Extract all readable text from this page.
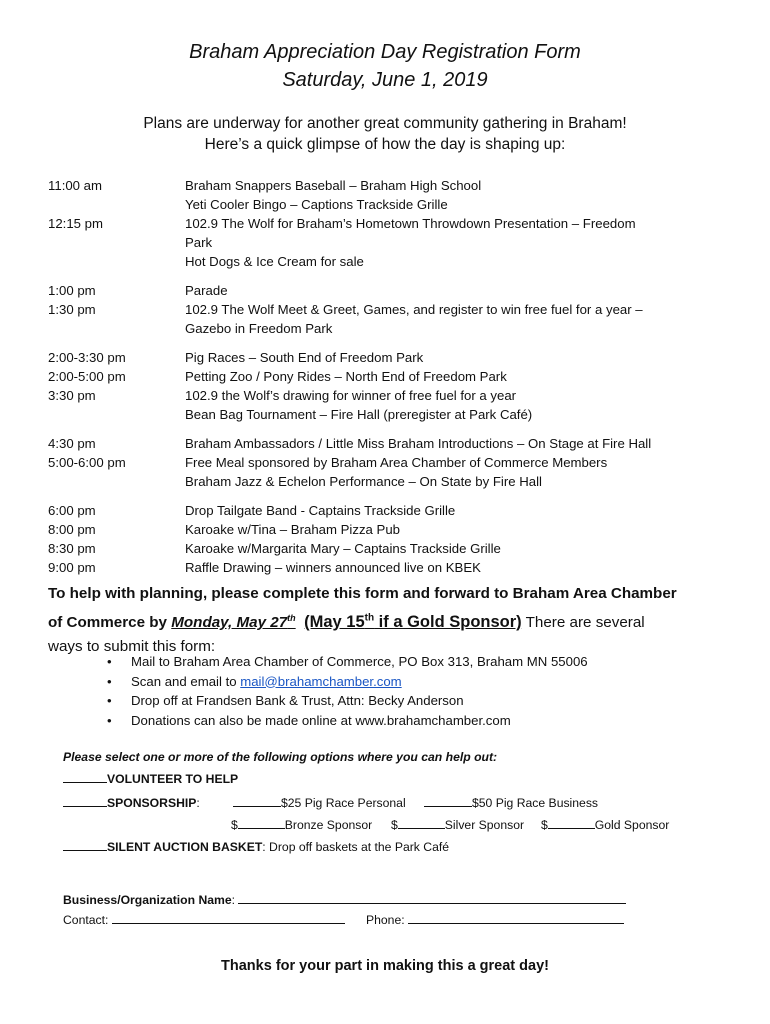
Braham Appreciation Day Registration Form
Saturday, June 1, 2019
Plans are underway for another great community gathering in Braham!
Here’s a quick glimpse of how the day is shaping up:
11:00 am	Braham Snappers Baseball – Braham High School
Yeti Cooler Bingo – Captions Trackside Grille
12:15 pm	102.9 The Wolf for Braham’s Hometown Throwdown Presentation – Freedom
Park
Hot Dogs & Ice Cream for sale
1:00 pm	Parade
1:30 pm	102.9 The Wolf Meet & Greet, Games, and register to win free fuel for a year –
Gazebo in Freedom Park
2:00-3:30 pm	Pig Races – South End of Freedom Park
2:00-5:00 pm	Petting Zoo / Pony Rides – North End of Freedom Park
3:30 pm	102.9 the Wolf’s drawing for winner of free fuel for a year
Bean Bag Tournament – Fire Hall (preregister at Park Café)
4:30 pm	Braham Ambassadors / Little Miss Braham Introductions – On Stage at Fire Hall
5:00-6:00 pm	Free Meal sponsored by Braham Area Chamber of Commerce Members
Braham Jazz & Echelon Performance – On State by Fire Hall
6:00 pm	Drop Tailgate Band - Captains Trackside Grille
8:00 pm	Karoake w/Tina – Braham Pizza Pub
8:30 pm	Karoake w/Margarita Mary – Captains Trackside Grille
9:00 pm	Raffle Drawing – winners announced live on KBEK
To help with planning, please complete this form and forward to Braham Area Chamber
of Commerce by Monday, May 27th (May 15th if a Gold Sponsor) There are several
ways to submit this form:
• Mail to Braham Area Chamber of Commerce, PO Box 313, Braham MN 55006
• Scan and email to mail@brahamchamber.com
• Drop off at Frandsen Bank & Trust, Attn: Becky Anderson
• Donations can also be made online at www.brahamchamber.com
Please select one or more of the following options where you can help out:
VOLUNTEER TO HELP
SPONSORSHIP:	$25 Pig Race Personal	$50 Pig Race Business
$	Bronze Sponsor $	Silver Sponsor $	Gold Sponsor
SILENT AUCTION BASKET: Drop off baskets at the Park Café
Business/Organization Name:
Contact:	Phone:
Thanks for your part in making this a great day!
